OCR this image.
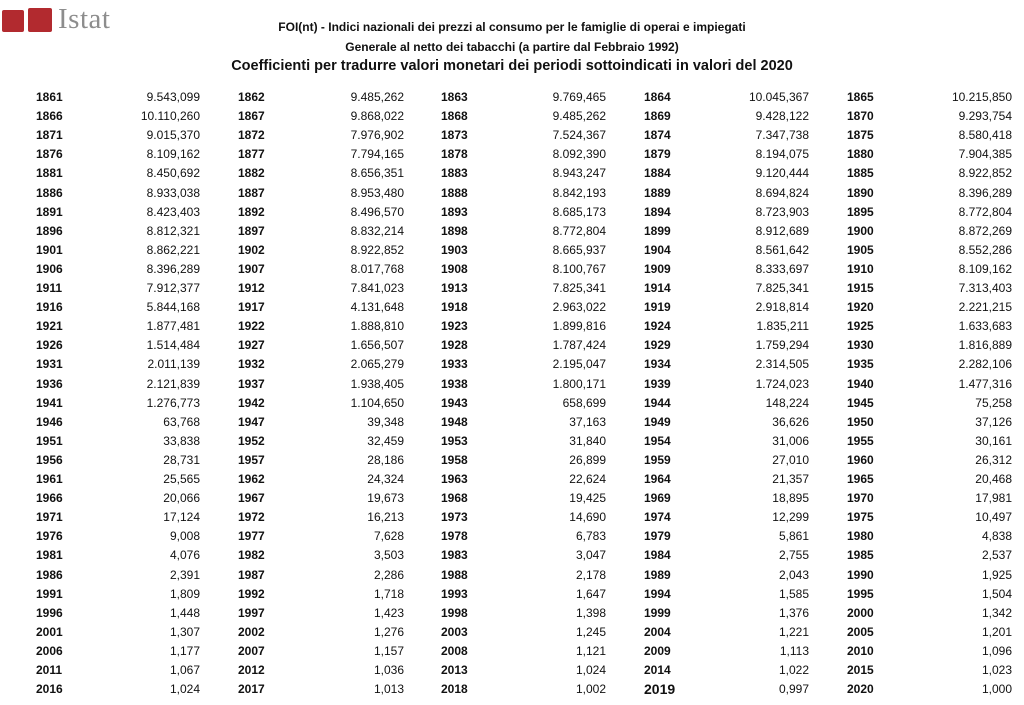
Istat	FOI(nt) - Indici nazionali dei prezzi al consumo per le famiglie di operai e impiegati
Generale al netto dei tabacchi (a partire dal Febbraio 1992)
Coefficienti per tradurre valori monetari dei periodi sottoindicati in valori del 2020
1861	9.543,099	1862	9.485,262	1863	9.769,465	1864	10.045,367	1865	10.215,850
1866	10.110,260	1867	9.868,022	1868	9.485,262	1869	9.428,122	1870	9.293,754
1871	9.015,370	1872	7.976,902	1873	7.524,367	1874	7.347,738	1875	8.580,418
1876	8.109,162	1877	7.794,165	1878	8.092,390	1879	8.194,075	1880	7.904,385
1881	8.450,692	1882	8.656,351	1883	8.943,247	1884	9.120,444	1885	8.922,852
1886	8.933,038	1887	8.953,480	1888	8.842,193	1889	8.694,824	1890	8.396,289
1891	8.423,403	1892	8.496,570	1893	8.685,173	1894	8.723,903	1895	8.772,804
1896	8.812,321	1897	8.832,214	1898	8.772,804	1899	8.912,689	1900	8.872,269
1901	8.862,221	1902	8.922,852	1903	8.665,937	1904	8.561,642	1905	8.552,286
1906	8.396,289	1907	8.017,768	1908	8.100,767	1909	8.333,697	1910	8.109,162
1911	7.912,377	1912	7.841,023	1913	7.825,341	1914	7.825,341	1915	7.313,403
1916	5.844,168	1917	4.131,648	1918	2.963,022	1919	2.918,814	1920	2.221,215
1921	1.877,481	1922	1.888,810	1923	1.899,816	1924	1.835,211	1925	1.633,683
1926	1.514,484	1927	1.656,507	1928	1.787,424	1929	1.759,294	1930	1.816,889
1931	2.011,139	1932	2.065,279	1933	2.195,047	1934	2.314,505	1935	2.282,106
1936	2.121,839	1937	1.938,405	1938	1.800,171	1939	1.724,023	1940	1.477,316
1941	1.276,773	1942	1.104,650	1943	658,699	1944	148,224	1945	75,258
1946	63,768	1947	39,348	1948	37,163	1949	36,626	1950	37,126
1951	33,838	1952	32,459	1953	31,840	1954	31,006	1955	30,161
1956	28,731	1957	28,186	1958	26,899	1959	27,010	1960	26,312
1961	25,565	1962	24,324	1963	22,624	1964	21,357	1965	20,468
1966	20,066	1967	19,673	1968	19,425	1969	18,895	1970	17,981
1971	17,124	1972	16,213	1973	14,690	1974	12,299	1975	10,497
1976	9,008	1977	7,628	1978	6,783	1979	5,861	1980	4,838
1981	4,076	1982	3,503	1983	3,047	1984	2,755	1985	2,537
1986	2,391	1987	2,286	1988	2,178	1989	2,043	1990	1,925
1991	1,809	1992	1,718	1993	1,647	1994	1,585	1995	1,504
1996	1,448	1997	1,423	1998	1,398	1999	1,376	2000	1,342
2001	1,307	2002	1,276	2003	1,245	2004	1,221	2005	1,201
2006	1,177	2007	1,157	2008	1,121	2009	1,113	2010	1,096
2011	1,067	2012	1,036	2013	1,024	2014	1,022	2015	1,023
2016	1,024	2017	1,013	2018	1,002	2019	0,997	2020	1,000
